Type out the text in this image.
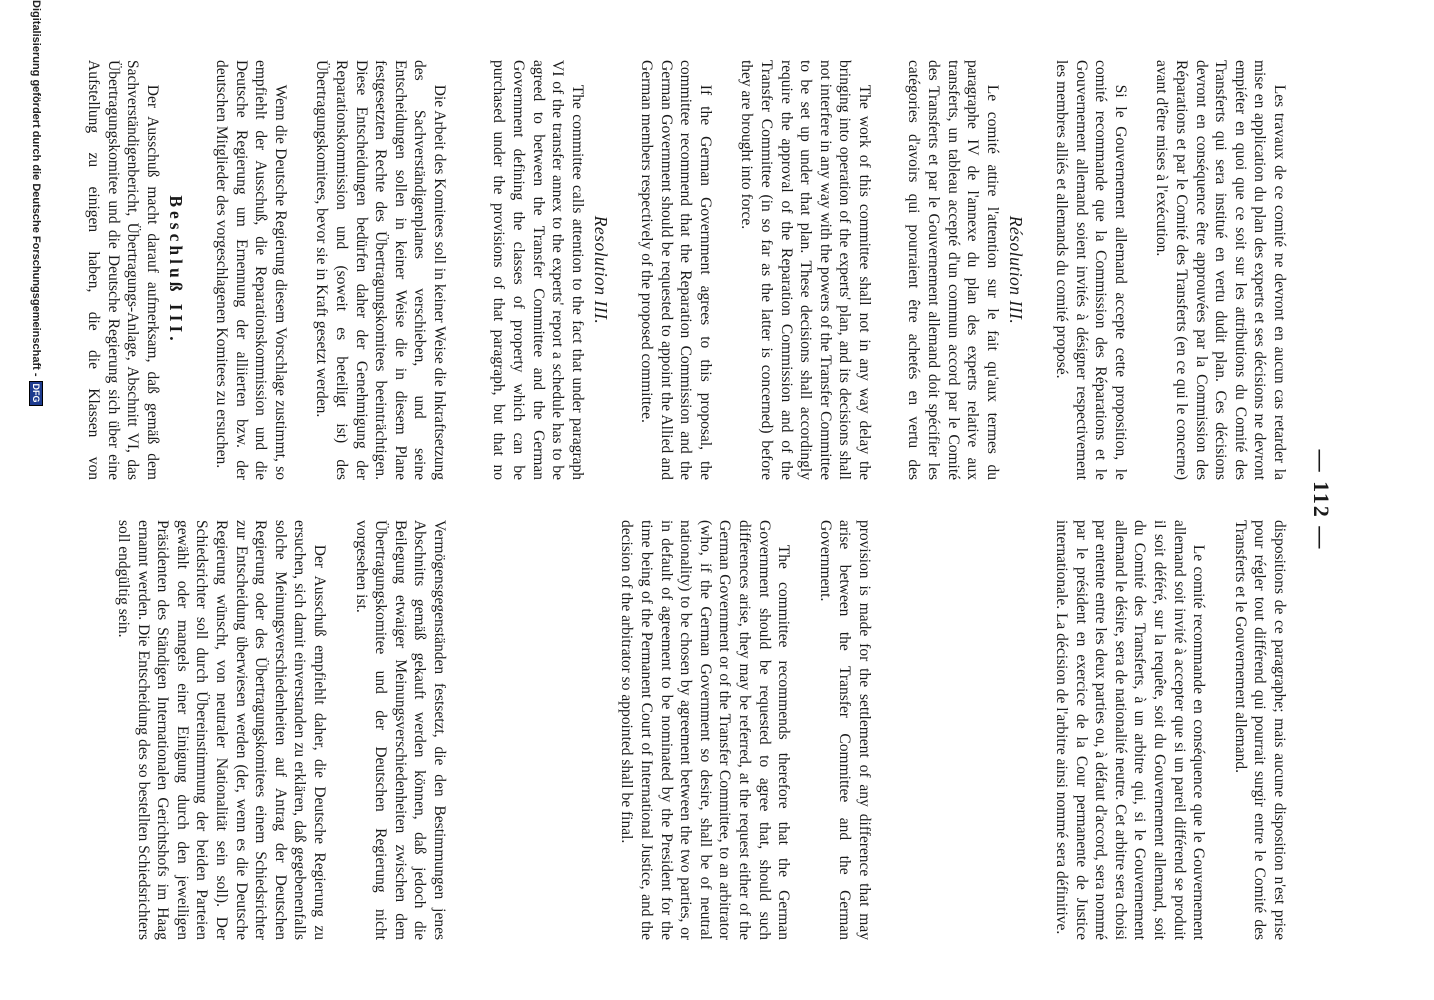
— 112 —

Les travaux de ce comité ne devront en aucun cas retarder la mise en application du plan des experts et ses décisions ne devront empiéter en quoi que ce soit sur les attributions du Comité des Transferts qui sera institué en vertu dudit plan. Ces décisions devront en conséquence être approuvées par la Commission des Réparations et par le Comité des Transferts (en ce qui le concerne) avant d'être mises à l'exécution.

Si le Gouvernement allemand accepte cette proposition, le comité recommande que la Commission des Réparations et le Gouvernement allemand soient invités à désigner respectivement les membres alliés et allemands du comité proposé.

Résolution III.

Le comité attire l'attention sur le fait qu'aux termes du paragraphe IV de l'annexe du plan des experts relative aux transferts, un tableau accepté d'un commun accord par le Comité des Transferts et par le Gouvernement allemand doit spécifier les catégories d'avoirs qui pourraient être achetés en vertu des dispositions de ce paragraphe; mais aucune disposition n'est prise pour régler tout différend qui pourrait surgir entre le Comité des Transferts et le Gouvernement allemand.

Le comité recommande en conséquence que le Gouvernement allemand soit invité à accepter que si un pareil différend se produit il soit déféré, sur la requête, soit du Gouvernement allemand, soit du Comité des Transferts, à un arbitre qui, si le Gouvernement allemand le désire, sera de nationalité neutre. Cet arbitre sera choisi par entente entre les deux parties ou, à défaut d'accord, sera nommé par le président en exercice de la Cour permanente de Justice internationale. La décision de l'arbitre ainsi nommé sera définitive.

The work of this committee shall not in any way delay the bringing into operation of the experts' plan, and its decisions shall not interfere in any way with the powers of the Transfer Committee to be set up under that plan. These decisions shall accordingly require the approval of the Reparation Commission and of the Transfer Committee (in so far as the latter is concerned) before they are brought into force.

If the German Government agrees to this proposal, the committee recommend that the Reparation Commission and the German Government should be requested to appoint the Allied and German members respectively of the proposed committee.

Resolution III.

The committee calls attention to the fact that under paragraph VI of the transfer annex to the experts' report a schedule has to be agreed to between the Transfer Committee and the German Government defining the classes of property which can be purchased under the provisions of that paragraph, but that no provision is made for the settlement of any difference that may arise between the Transfer Committee and the German Government.

The committee recommends therefore that the German Government should be requested to agree that, should such differences arise, they may be referred, at the request either of the German Government or of the Transfer Committee, to an arbitrator (who, if the German Government so desire, shall be of neutral nationality) to be chosen by agreement between the two parties, or in default of agreement to be nominated by the President for the time being of the Permanent Court of International Justice, and the decision of the arbitrator so appointed shall be final.

Digitalisierung gefördert durch die Deutsche Forschungsgemeinschaft -
DFG	Die Arbeit des Komitees soll in keiner Weise die Inkraftsetzung des Sachverständigenplanes verschieben, und seine Entscheidungen sollen in keiner Weise die in diesem Plane festgesetzten Rechte des Übertragungskomitees beeinträchtigen. Diese Entscheidungen bedürfen daher der Genehmigung der Reparationskommission und (soweit es beteiligt ist) des Übertragungskomitees, bevor sie in Kraft gesetzt werden.

Wenn die Deutsche Regierung diesem Vorschlage zustimmt, so empfiehlt der Ausschuß, die Reparationskommission und die Deutsche Regierung um Ernennung der alliierten bzw. der deutschen Mitglieder des vorgeschlagenen Komitees zu ersuchen.

Beschluß III.

Der Ausschuß macht darauf aufmerksam, daß gemäß dem Sachverständigenbericht, Übertragungs-Anlage, Abschnitt VI, das Übertragungskomitee und die Deutsche Regierung sich über eine Aufstellung zu einigen haben, die die Klassen von Vermögensgegenständen festsetzt, die den Bestimmungen jenes Abschnitts gemäß gekauft werden können, daß jedoch die Beilegung etwaiger Meinungsverschiedenheiten zwischen dem Übertragungskomitee und der Deutschen Regierung nicht vorgesehen ist.

Der Ausschuß empfiehlt daher, die Deutsche Regierung zu ersuchen, sich damit einverstanden zu erklären, daß gegebenenfalls solche Meinungsverschiedenheiten auf Antrag der Deutschen Regierung oder des Übertragungskomitees einem Schiedsrichter zur Entscheidung überwiesen werden (der, wenn es die Deutsche Regierung wünscht, von neutraler Nationalität sein soll). Der Schiedsrichter soll durch Übereinstimmung der beiden Parteien gewählt oder mangels einer Einigung durch den jeweiligen Präsidenten des Ständigen Internationalen Gerichtshofs im Haag ernannt werden. Die Entscheidung des so bestellten Schiedsrichters soll endgültig sein.
